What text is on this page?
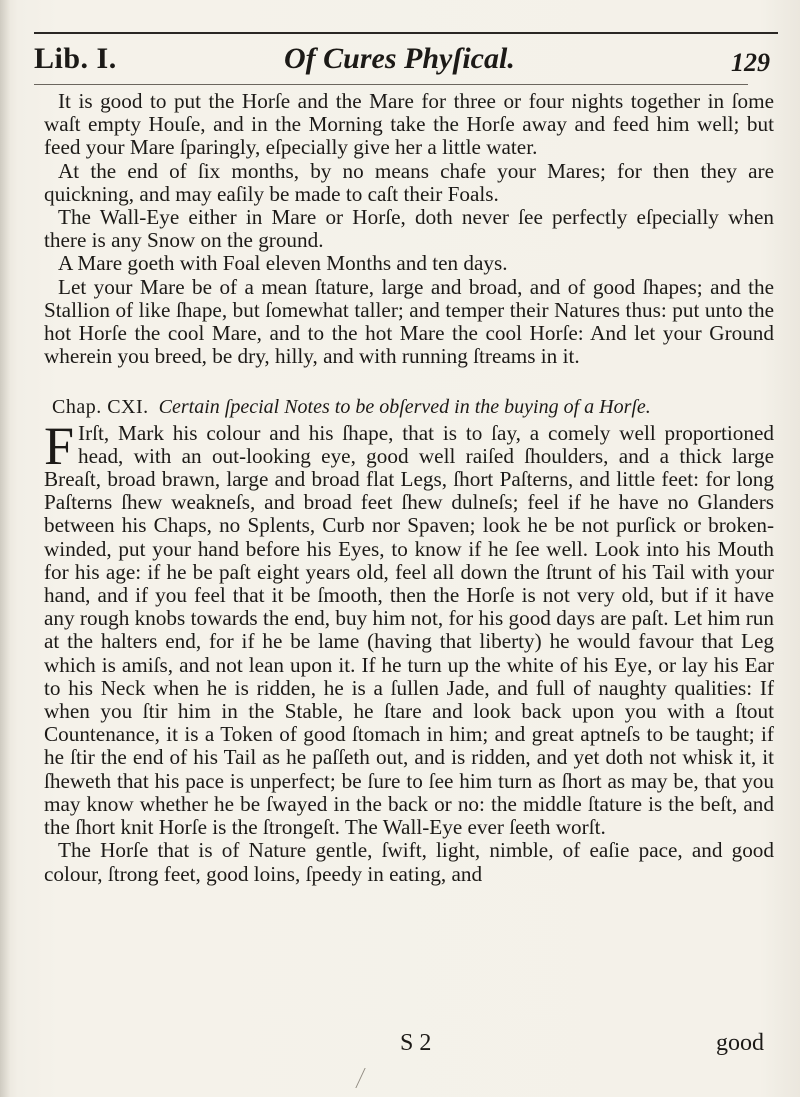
Lib. I.	Of Cures Phyſical.	129

It is good to put the Horſe and the Mare for three or four nights together in ſome waſt empty Houſe, and in the Morning take the Horſe away and feed him well; but feed your Mare ſparingly, eſpecially give her a little water.

At the end of ſix months, by no means chafe your Mares; for then they are quickning, and may eaſily be made to caſt their Foals.

The Wall-Eye either in Mare or Horſe, doth never ſee perfectly eſpecially when there is any Snow on the ground.

A Mare goeth with Foal eleven Months and ten days.

Let your Mare be of a mean ſtature, large and broad, and of good ſhapes; and the Stallion of like ſhape, but ſomewhat taller; and temper their Natures thus: put unto the hot Horſe the cool Mare, and to the hot Mare the cool Horſe: And let your Ground wherein you breed, be dry, hilly, and with running ſtreams in it.

Chap. CXI. Certain ſpecial Notes to be obſerved in the buying of a Horſe.

F Irſt, Mark his colour and his ſhape, that is to ſay, a comely well proportioned head, with an out-looking eye, good well raiſed ſhoulders, and a thick large Breaſt, broad brawn, large and broad flat Legs, ſhort Paſterns, and little feet: for long Paſterns ſhew weakneſs, and broad feet ſhew dulneſs; feel if he have no Glanders between his Chaps, no Splents, Curb nor Spaven; look he be not purſick or broken-winded, put your hand before his Eyes, to know if he ſee well. Look into his Mouth for his age: if he be paſt eight years old, feel all down the ſtrunt of his Tail with your hand, and if you feel that it be ſmooth, then the Horſe is not very old, but if it have any rough knobs towards the end, buy him not, for his good days are paſt. Let him run at the halters end, for if he be lame (having that liberty) he would favour that Leg which is amiſs, and not lean upon it. If he turn up the white of his Eye, or lay his Ear to his Neck when he is ridden, he is a ſullen Jade, and full of naughty qualities: If when you ſtir him in the Stable, he ſtare and look back upon you with a ſtout Countenance, it is a Token of good ſtomach in him; and great aptneſs to be taught; if he ſtir the end of his Tail as he paſſeth out, and is ridden, and yet doth not whisk it, it ſheweth that his pace is unperfect; be ſure to ſee him turn as ſhort as may be, that you may know whether he be ſwayed in the back or no: the middle ſtature is the beſt, and the ſhort knit Horſe is the ſtrongeſt. The Wall-Eye ever ſeeth worſt.

The Horſe that is of Nature gentle, ſwift, light, nimble, of eaſie pace, and good colour, ſtrong feet, good loins, ſpeedy in eating, and

S 2	good
